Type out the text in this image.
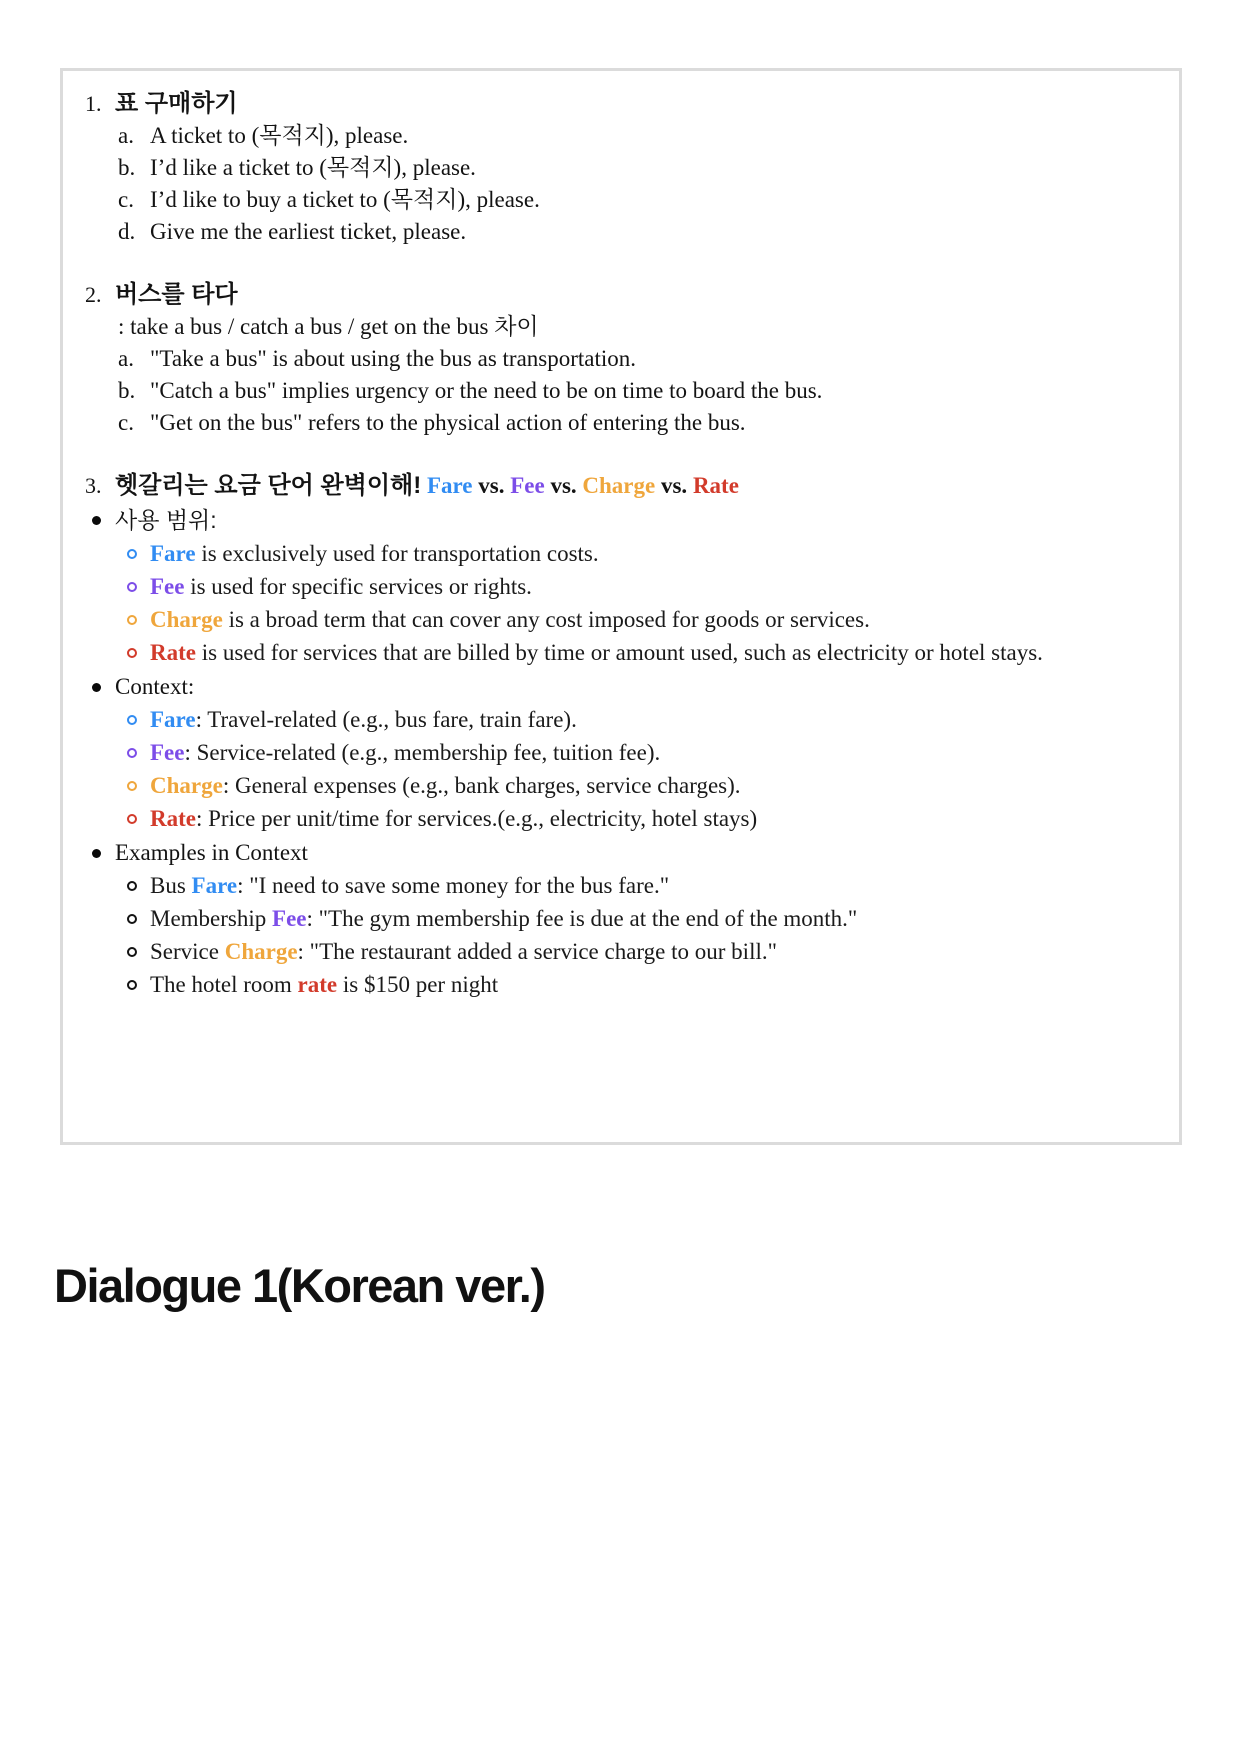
1. 표 구매하기
a. A ticket to (목적지), please.
b. I’d like a ticket to (목적지), please.
c. I’d like to buy a ticket to (목적지), please.
d. Give me the earliest ticket, please.
2. 버스를 타다
: take a bus / catch a bus / get on the bus 차이
a. "Take a bus" is about using the bus as transportation.
b. "Catch a bus" implies urgency or the need to be on time to board the bus.
c. "Get on the bus" refers to the physical action of entering the bus.
3. 헷갈리는 요금 단어 완벽이해! Fare vs. Fee vs. Charge vs. Rate
사용 범위:
Fare is exclusively used for transportation costs.
Fee is used for specific services or rights.
Charge is a broad term that can cover any cost imposed for goods or services.
Rate is used for services that are billed by time or amount used, such as electricity or hotel stays.
Context:
Fare: Travel-related (e.g., bus fare, train fare).
Fee: Service-related (e.g., membership fee, tuition fee).
Charge: General expenses (e.g., bank charges, service charges).
Rate: Price per unit/time for services.(e.g., electricity, hotel stays)
Examples in Context
Bus Fare: "I need to save some money for the bus fare."
Membership Fee: "The gym membership fee is due at the end of the month."
Service Charge: "The restaurant added a service charge to our bill."
The hotel room rate is $150 per night
Dialogue 1(Korean ver.)
